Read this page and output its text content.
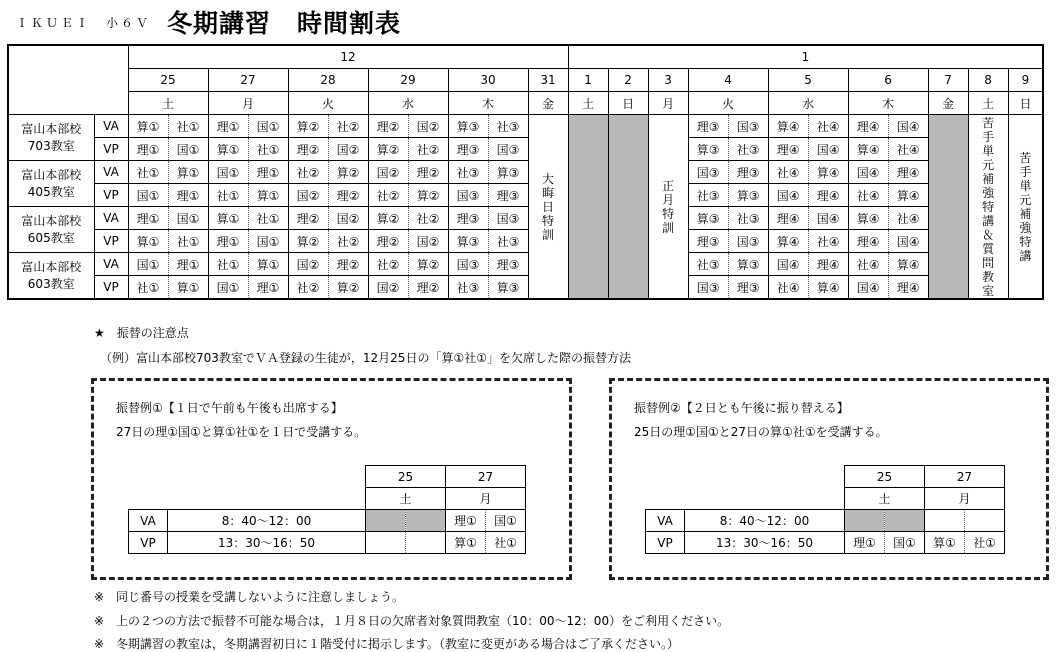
ＩＫＵＥＩ　小６Ｖ 冬期講習　時間割表
		12											1											
		25		27		28		29		30		31	1	2	3	4		5		6		7	8	9
		土		月		火		水		木		金	土	日	月	火		水		木		金	土	日

富山本部校
703教室	VA	算①	社①	理①	国①	算②	社②	理②	国②	算③	社③	大晦日特訓			正月特訓	理③	国③	算④	社④	理④	国④		苦手単元補強特講＆質問教室	苦手単元補強特講
	VP	理①	国①	算①	社①	理②	国②	算②	社②	理③	国③					算③	社③	理④	国④	算④	社④			

富山本部校
405教室	VA	社①	算①	国①	理①	社②	算②	国②	理②	社③	算③					国③	理③	社④	算④	国④	理④			
	VP	国①	理①	社①	算①	国②	理②	社②	算②	国③	理③					社③	算③	国④	理④	社④	算④			

富山本部校
605教室	VA	理①	国①	算①	社①	理②	国②	算②	社②	理③	国③					算③	社③	理④	国④	算④	社④			
	VP	算①	社①	理①	国①	算②	社②	理②	国②	算③	社③					理③	国③	算④	社④	理④	国④			

富山本部校
603教室	VA	国①	理①	社①	算①	国②	理②	社②	算②	国③	理③					社③	算③	国④	理④	社④	算④			
	VP	社①	算①	国①	理①	社②	算②	国②	理②	社③	算③					国③	理③	社④	算④	国④	理④			
★　振替の注意点
（例）富山本部校703教室でＶＡ登録の生徒が，12月25日の「算①社①」を欠席した際の振替方法
振替例①【１日で午前も午後も出席する】
27日の理①国①と算①社①を１日で受講する。
		25		27	
		土		月	
VA	8：40〜12：00			理①	国①
VP	13：30〜16：50			算①	社①
振替例②【２日とも午後に振り替える】
25日の理①国①と27日の算①社①を受講する。
		25		27	
		土		月	
VA	8：40〜12：00				
VP	13：30〜16：50	理①	国①	算①	社①
※ 同じ番号の授業を受講しないように注意しましょう。
※ 上の２つの方法で振替不可能な場合は，１月８日の欠席者対象質問教室（10：00〜12：00）をご利用ください。
※ 冬期講習の教室は，冬期講習初日に１階受付に掲示します。（教室に変更がある場合はご了承ください。）
